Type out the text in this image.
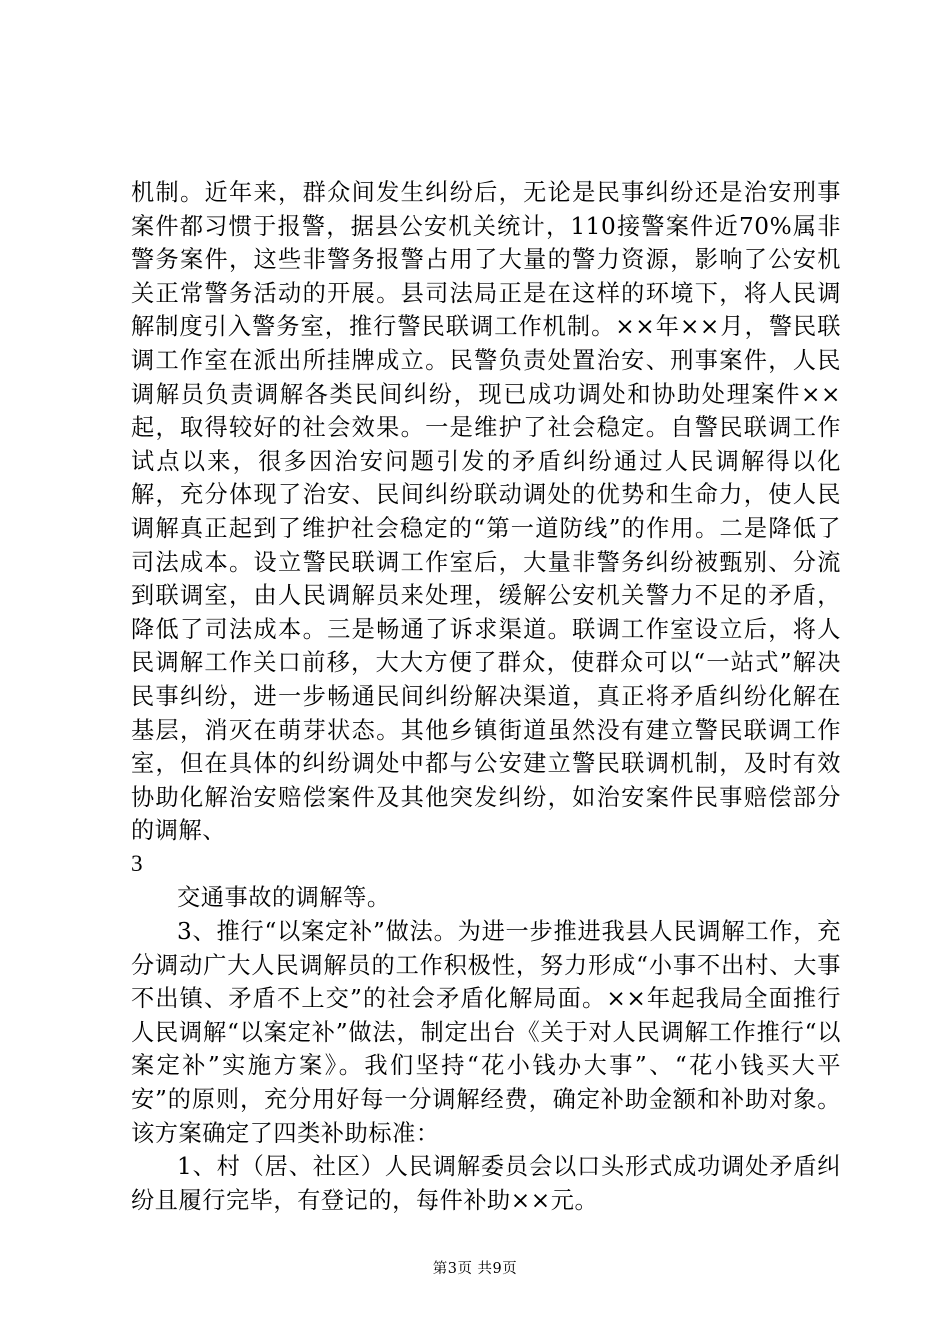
机制。近年来，群众间发生纠纷后，无论是民事纠纷还是治安刑事案件都习惯于报警，据县公安机关统计，110接警案件近70%属非警务案件，这些非警务报警占用了大量的警力资源，影响了公安机关正常警务活动的开展。县司法局正是在这样的环境下，将人民调解制度引入警务室，推行警民联调工作机制。××年××月，警民联调工作室在派出所挂牌成立。民警负责处置治安、刑事案件，人民调解员负责调解各类民间纠纷，现已成功调处和协助处理案件××起，取得较好的社会效果。一是维护了社会稳定。自警民联调工作试点以来，很多因治安问题引发的矛盾纠纷通过人民调解得以化解，充分体现了治安、民间纠纷联动调处的优势和生命力，使人民调解真正起到了维护社会稳定的“第一道防线”的作用。二是降低了司法成本。设立警民联调工作室后，大量非警务纠纷被甄别、分流到联调室，由人民调解员来处理，缓解公安机关警力不足的矛盾，降低了司法成本。三是畅通了诉求渠道。联调工作室设立后，将人民调解工作关口前移，大大方便了群众，使群众可以“一站式”解决民事纠纷，进一步畅通民间纠纷解决渠道，真正将矛盾纠纷化解在基层，消灭在萌芽状态。其他乡镇街道虽然没有建立警民联调工作室，但在具体的纠纷调处中都与公安建立警民联调机制，及时有效协助化解治安赔偿案件及其他突发纠纷，如治安案件民事赔偿部分的调解、

3

交通事故的调解等。

3、推行“以案定补”做法。为进一步推进我县人民调解工作，充分调动广大人民调解员的工作积极性，努力形成“小事不出村、大事不出镇、矛盾不上交”的社会矛盾化解局面。××年起我局全面推行人民调解“以案定补”做法，制定出台《关于对人民调解工作推行“以案定补”实施方案》。我们坚持“花小钱办大事”、“花小钱买大平安”的原则，充分用好每一分调解经费，确定补助金额和补助对象。该方案确定了四类补助标准：

1、村（居、社区）人民调解委员会以口头形式成功调处矛盾纠纷且履行完毕，有登记的，每件补助××元。

第3页 共9页
